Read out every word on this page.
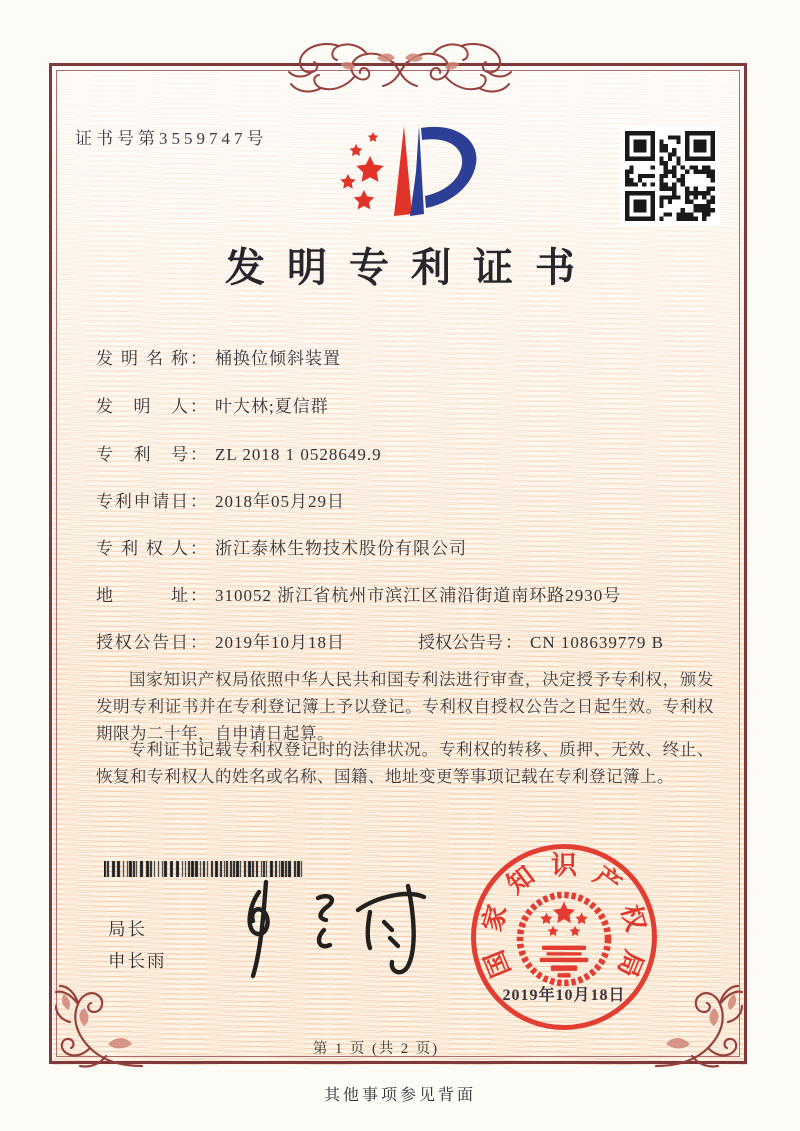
证书号第3559747号
发明专利证书
发明名称 ： 桶换位倾斜装置
发明人 ： 叶大林;夏信群
专利号 ： ZL 2018 1 0528649.9
专利申请日 ： 2018年05月29日
专利权人 ： 浙江泰林生物技术股份有限公司
地址 ： 310052 浙江省杭州市滨江区浦沿街道南环路2930号
授权公告日 ： 2019年10月18日	授权公告号 ： CN 108639779 B
国家知识产权局依照中华人民共和国专利法进行审查，决定授予专利权，颁发发明专利证书并在专利登记簿上予以登记。专利权自授权公告之日起生效。专利权期限为二十年，自申请日起算。
专利证书记载专利权登记时的法律状况。专利权的转移、质押、无效、终止、恢复和专利权人的姓名或名称、国籍、地址变更等事项记载在专利登记簿上。
局长
申长雨	国
家
知 识 产
权
局
2019年10月18日
第 1 页 (共 2 页)
其他事项参见背面
